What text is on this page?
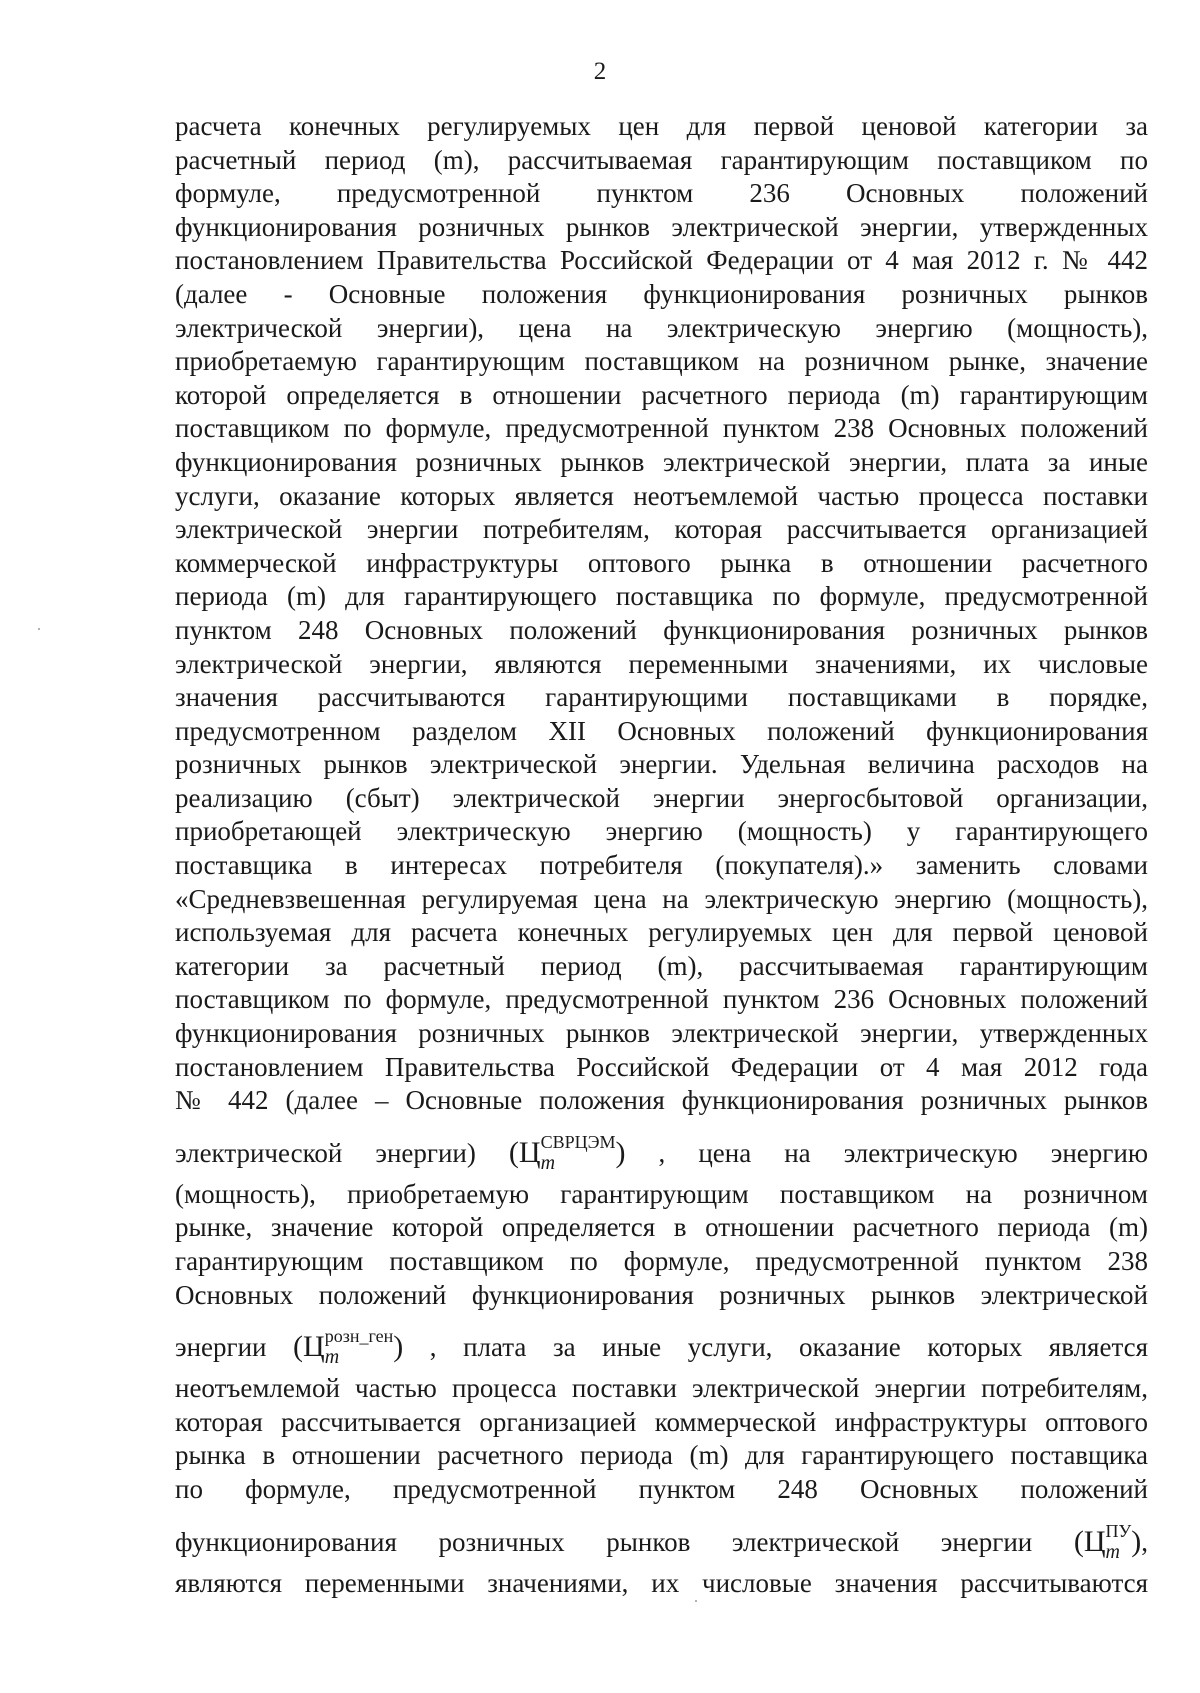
2
расчета конечных регулируемых цен для первой ценовой категории за
расчетный период (m), рассчитываемая гарантирующим поставщиком по
формуле, предусмотренной пунктом 236 Основных положений
функционирования розничных рынков электрической энергии, утвержденных
постановлением Правительства Российской Федерации от 4 мая 2012 г. № 442
(далее - Основные положения функционирования розничных рынков
электрической энергии), цена на электрическую энергию (мощность),
приобретаемую гарантирующим поставщиком на розничном рынке, значение
которой определяется в отношении расчетного периода (m) гарантирующим
поставщиком по формуле, предусмотренной пунктом 238 Основных положений
функционирования розничных рынков электрической энергии, плата за иные
услуги, оказание которых является неотъемлемой частью процесса поставки
электрической энергии потребителям, которая рассчитывается организацией
коммерческой инфраструктуры оптового рынка в отношении расчетного
периода (m) для гарантирующего поставщика по формуле, предусмотренной
пунктом 248 Основных положений функционирования розничных рынков
электрической энергии, являются переменными значениями, их числовые
значения рассчитываются гарантирующими поставщиками в порядке,
предусмотренном разделом XII Основных положений функционирования
розничных рынков электрической энергии. Удельная величина расходов на
реализацию (сбыт) электрической энергии энергосбытовой организации,
приобретающей электрическую энергию (мощность) у гарантирующего
поставщика в интересах потребителя (покупателя).» заменить словами
«Средневзвешенная регулируемая цена на электрическую энергию (мощность),
используемая для расчета конечных регулируемых цен для первой ценовой
категории за расчетный период (m), рассчитываемая гарантирующим
поставщиком по формуле, предусмотренной пунктом 236 Основных положений
функционирования розничных рынков электрической энергии, утвержденных
постановлением Правительства Российской Федерации от 4 мая 2012 года
№ 442 (далее – Основные положения функционирования розничных рынков
электрической энергии) ( Ц СВРЦЭМ
m	) , цена на электрическую энергию
(мощность), приобретаемую гарантирующим поставщиком на розничном
рынке, значение которой определяется в отношении расчетного периода (m)
гарантирующим поставщиком по формуле, предусмотренной пунктом 238
Основных положений функционирования розничных рынков электрической
энергии ( Ц розн_ген
m	) , плата за иные услуги, оказание которых является
неотъемлемой частью процесса поставки электрической энергии потребителям,
которая рассчитывается организацией коммерческой инфраструктуры оптового
рынка в отношении расчетного периода (m) для гарантирующего поставщика
по формуле, предусмотренной пунктом 248 Основных положений
функционирования розничных рынков электрической энергии ( Ц ПУ
m ) ,
являются переменными значениями, их числовые значения рассчитываются
